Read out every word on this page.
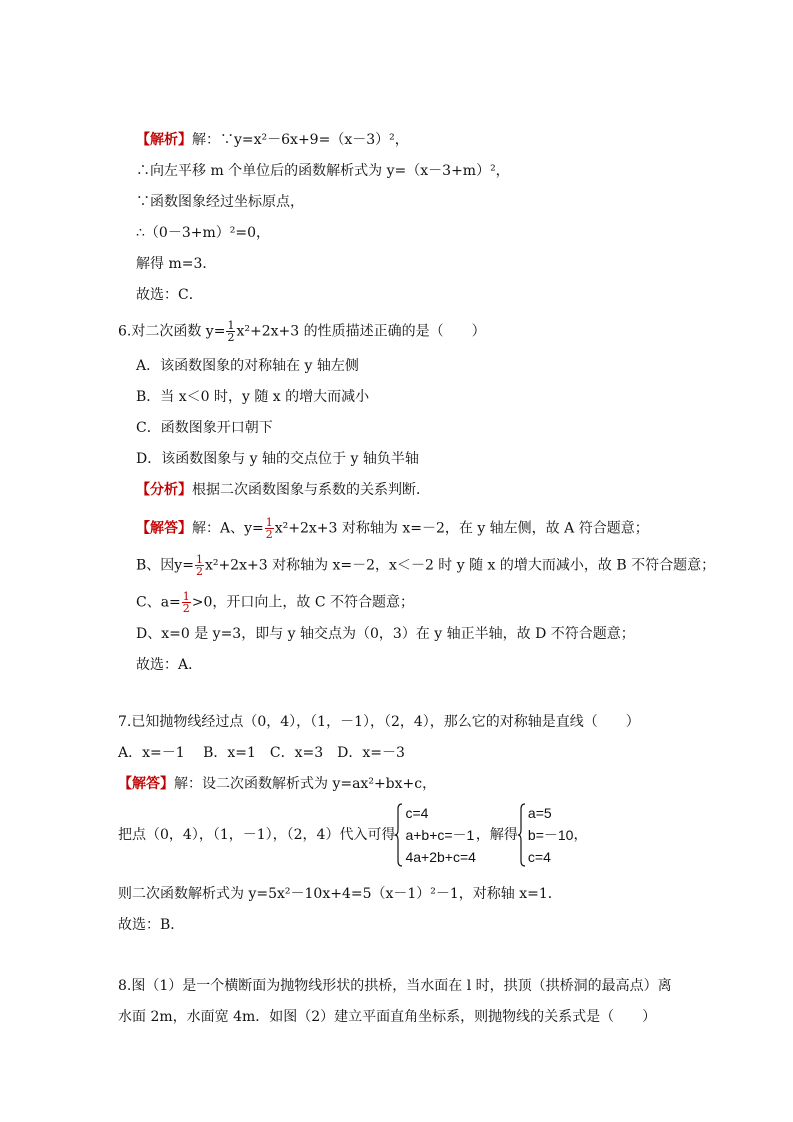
【解析】解：∵y=x²－6x+9=（x－3）²，
∴向左平移 m 个单位后的函数解析式为 y=（x－3+m）²，
∵函数图象经过坐标原点，
∴（0－3+m）²=0，
解得 m=3．
故选：C．
6.对二次函数 $y= \frac{1}{2} x^2+2x+3$ 的性质描述正确的是（　　）
A．该函数图象的对称轴在 y 轴左侧
B．当 x＜0 时，y 随 x 的增大而减小
C．函数图象开口朝下
D．该函数图象与 y 轴的交点位于 y 轴负半轴
【分析】根据二次函数图象与系数的关系判断．
【解答】解：A、$y= \frac{1}{2} x^2+2x+3$ 对称轴为 x=－2，在 y 轴左侧，故 A 符合题意；
B、因$y= \frac{1}{2} x^2+2x+3$ 对称轴为 x=－2，x＜－2 时 y 随 x 的增大而减小，故 B 不符合题意；
C、$a= \frac{1}{2} >0$，开口向上，故 C 不符合题意；
D、x=0 是 y=3，即与 y 轴交点为（0，3）在 y 轴正半轴，故 D 不符合题意；
故选：A．
7.已知抛物线经过点（0，4），（1，－1），（2，4），那么它的对称轴是直线（　　）
A．x=－1　 B．x=1　C．x=3　D．x=－3
【解答】解：设二次函数解析式为 y=ax²+bx+c，
把点（0，4），（1，－1），（2，4）代入可得
c=4
a+b+c=－1
4a+2b+c=4
，解得
a=5
b=－10
c=4
，
则二次函数解析式为 y=5x²－10x+4=5（x－1）²－1，对称轴 x=1．
故选：B．
8.图（1）是一个横断面为抛物线形状的拱桥，当水面在 l 时，拱顶（拱桥洞的最高点）离
水面 2m，水面宽 4m．如图（2）建立平面直角坐标系，则抛物线的关系式是（　　）
